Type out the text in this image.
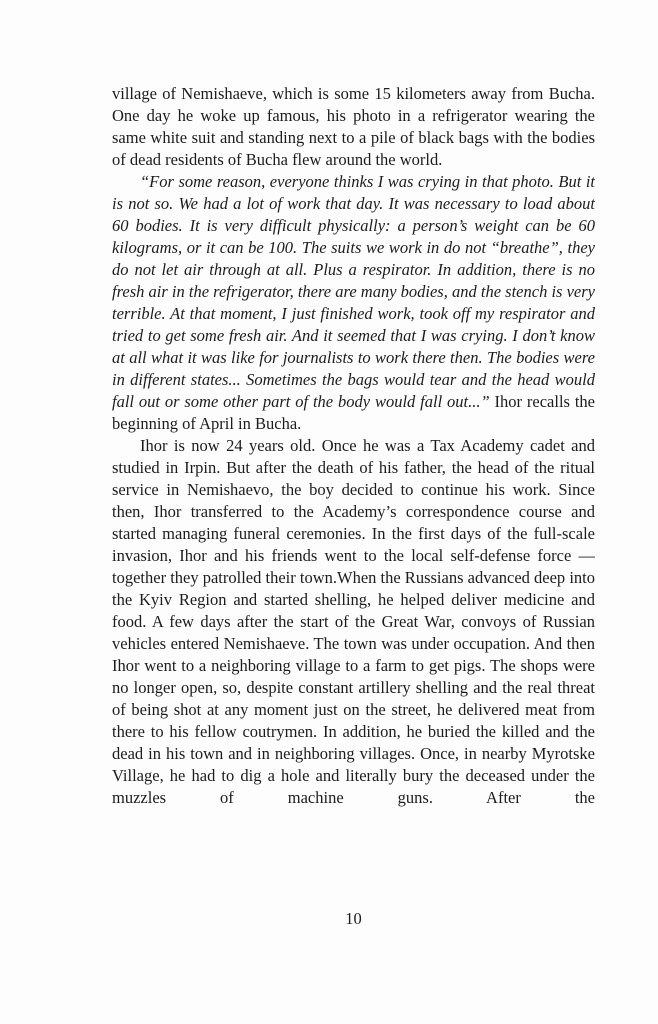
village of Nemishaeve, which is some 15 kilometers away from Bucha. One day he woke up famous, his photo in a refrigerator wearing the same white suit and standing next to a pile of black bags with the bodies of dead residents of Bucha flew around the world.

“For some reason, everyone thinks I was crying in that photo. But it is not so. We had a lot of work that day. It was necessary to load about 60 bodies. It is very difficult physically: a person’s weight can be 60 kilograms, or it can be 100. The suits we work in do not “breathe”, they do not let air through at all. Plus a respirator. In addition, there is no fresh air in the refrigerator, there are many bodies, and the stench is very terrible. At that moment, I just finished work, took off my respirator and tried to get some fresh air. And it seemed that I was crying. I don’t know at all what it was like for journalists to work there then. The bodies were in different states... Sometimes the bags would tear and the head would fall out or some other part of the body would fall out...” Ihor recalls the beginning of April in Bucha.

Ihor is now 24 years old. Once he was a Tax Academy cadet and studied in Irpin. But after the death of his father, the head of the ritual service in Nemishaevo, the boy decided to continue his work. Since then, Ihor transferred to the Academy’s correspondence course and started managing funeral ceremonies. In the first days of the full-scale invasion, Ihor and his friends went to the local self-defense force —together they patrolled their town.When the Russians advanced deep into the Kyiv Region and started shelling, he helped deliver medicine and food. A few days after the start of the Great War, convoys of Russian vehicles entered Nemishaeve. The town was under occupation. And then Ihor went to a neighboring village to a farm to get pigs. The shops were no longer open, so, despite constant artillery shelling and the real threat of being shot at any moment just on the street, he delivered meat from there to his fellow coutrymen. In addition, he buried the killed and the dead in his town and in neighboring villages. Once, in nearby Myrotske Village, he had to dig a hole and literally bury the deceased under the muzzles of machine guns. After the

10
